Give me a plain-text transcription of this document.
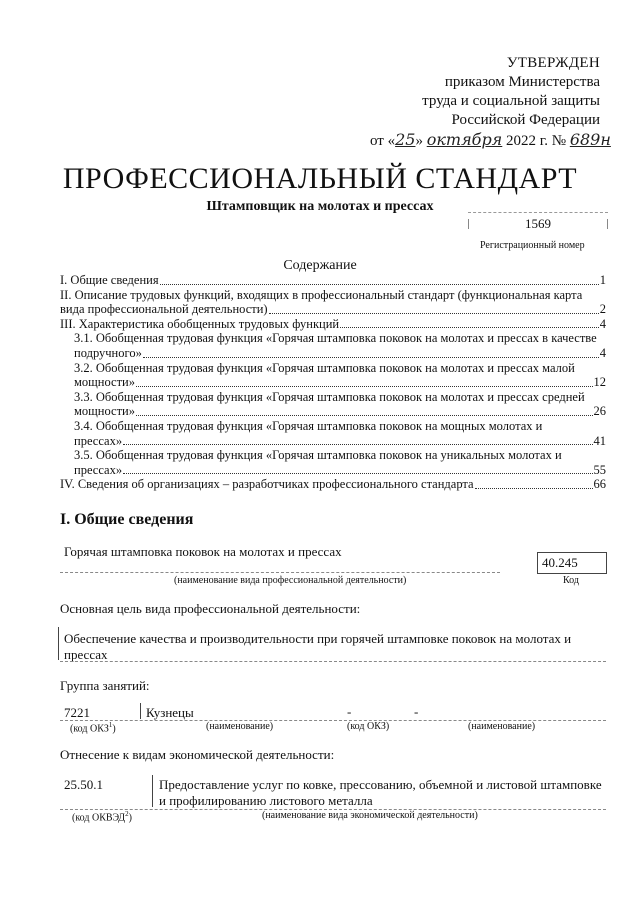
УТВЕРЖДЕН
приказом Министерства
труда и социальной защиты
Российской Федерации
от «25» октября 2022 г. № 689н
ПРОФЕССИОНАЛЬНЫЙ СТАНДАРТ
Штамповщик на молотах и прессах
1569
Регистрационный номер
Содержание
I. Общие сведения	1
II. Описание трудовых функций, входящих в профессиональный стандарт (функциональная карта
вида профессиональной деятельности)	2
III. Характеристика обобщенных трудовых функций	4
3.1. Обобщенная трудовая функция «Горячая штамповка поковок на молотах и прессах в качестве
подручного»	4
3.2. Обобщенная трудовая функция «Горячая штамповка поковок на молотах и прессах малой
мощности»	12
3.3. Обобщенная трудовая функция «Горячая штамповка поковок на молотах и прессах средней
мощности»	26
3.4. Обобщенная трудовая функция «Горячая штамповка поковок на мощных молотах и
прессах»	41
3.5. Обобщенная трудовая функция «Горячая штамповка поковок на уникальных молотах и
прессах»	55
IV. Сведения об организациях – разработчиках профессионального стандарта	66
I. Общие сведения
Горячая штамповка поковок на молотах и прессах
(наименование вида профессиональной деятельности)
40.245
Код
Основная цель вида профессиональной деятельности:
Обеспечение качества и производительности при горячей штамповке поковок на молотах и
прессах
Группа занятий:
7221	Кузнецы	-	-
(код ОКЗ$^1$)	(наименование)	(код ОКЗ)	(наименование)
Отнесение к видам экономической деятельности:
25.50.1	Предоставление услуг по ковке, прессованию, объемной и листовой штамповке
и профилированию листового металла
(код ОКВЭД$^2$)	(наименование вида экономической деятельности)
